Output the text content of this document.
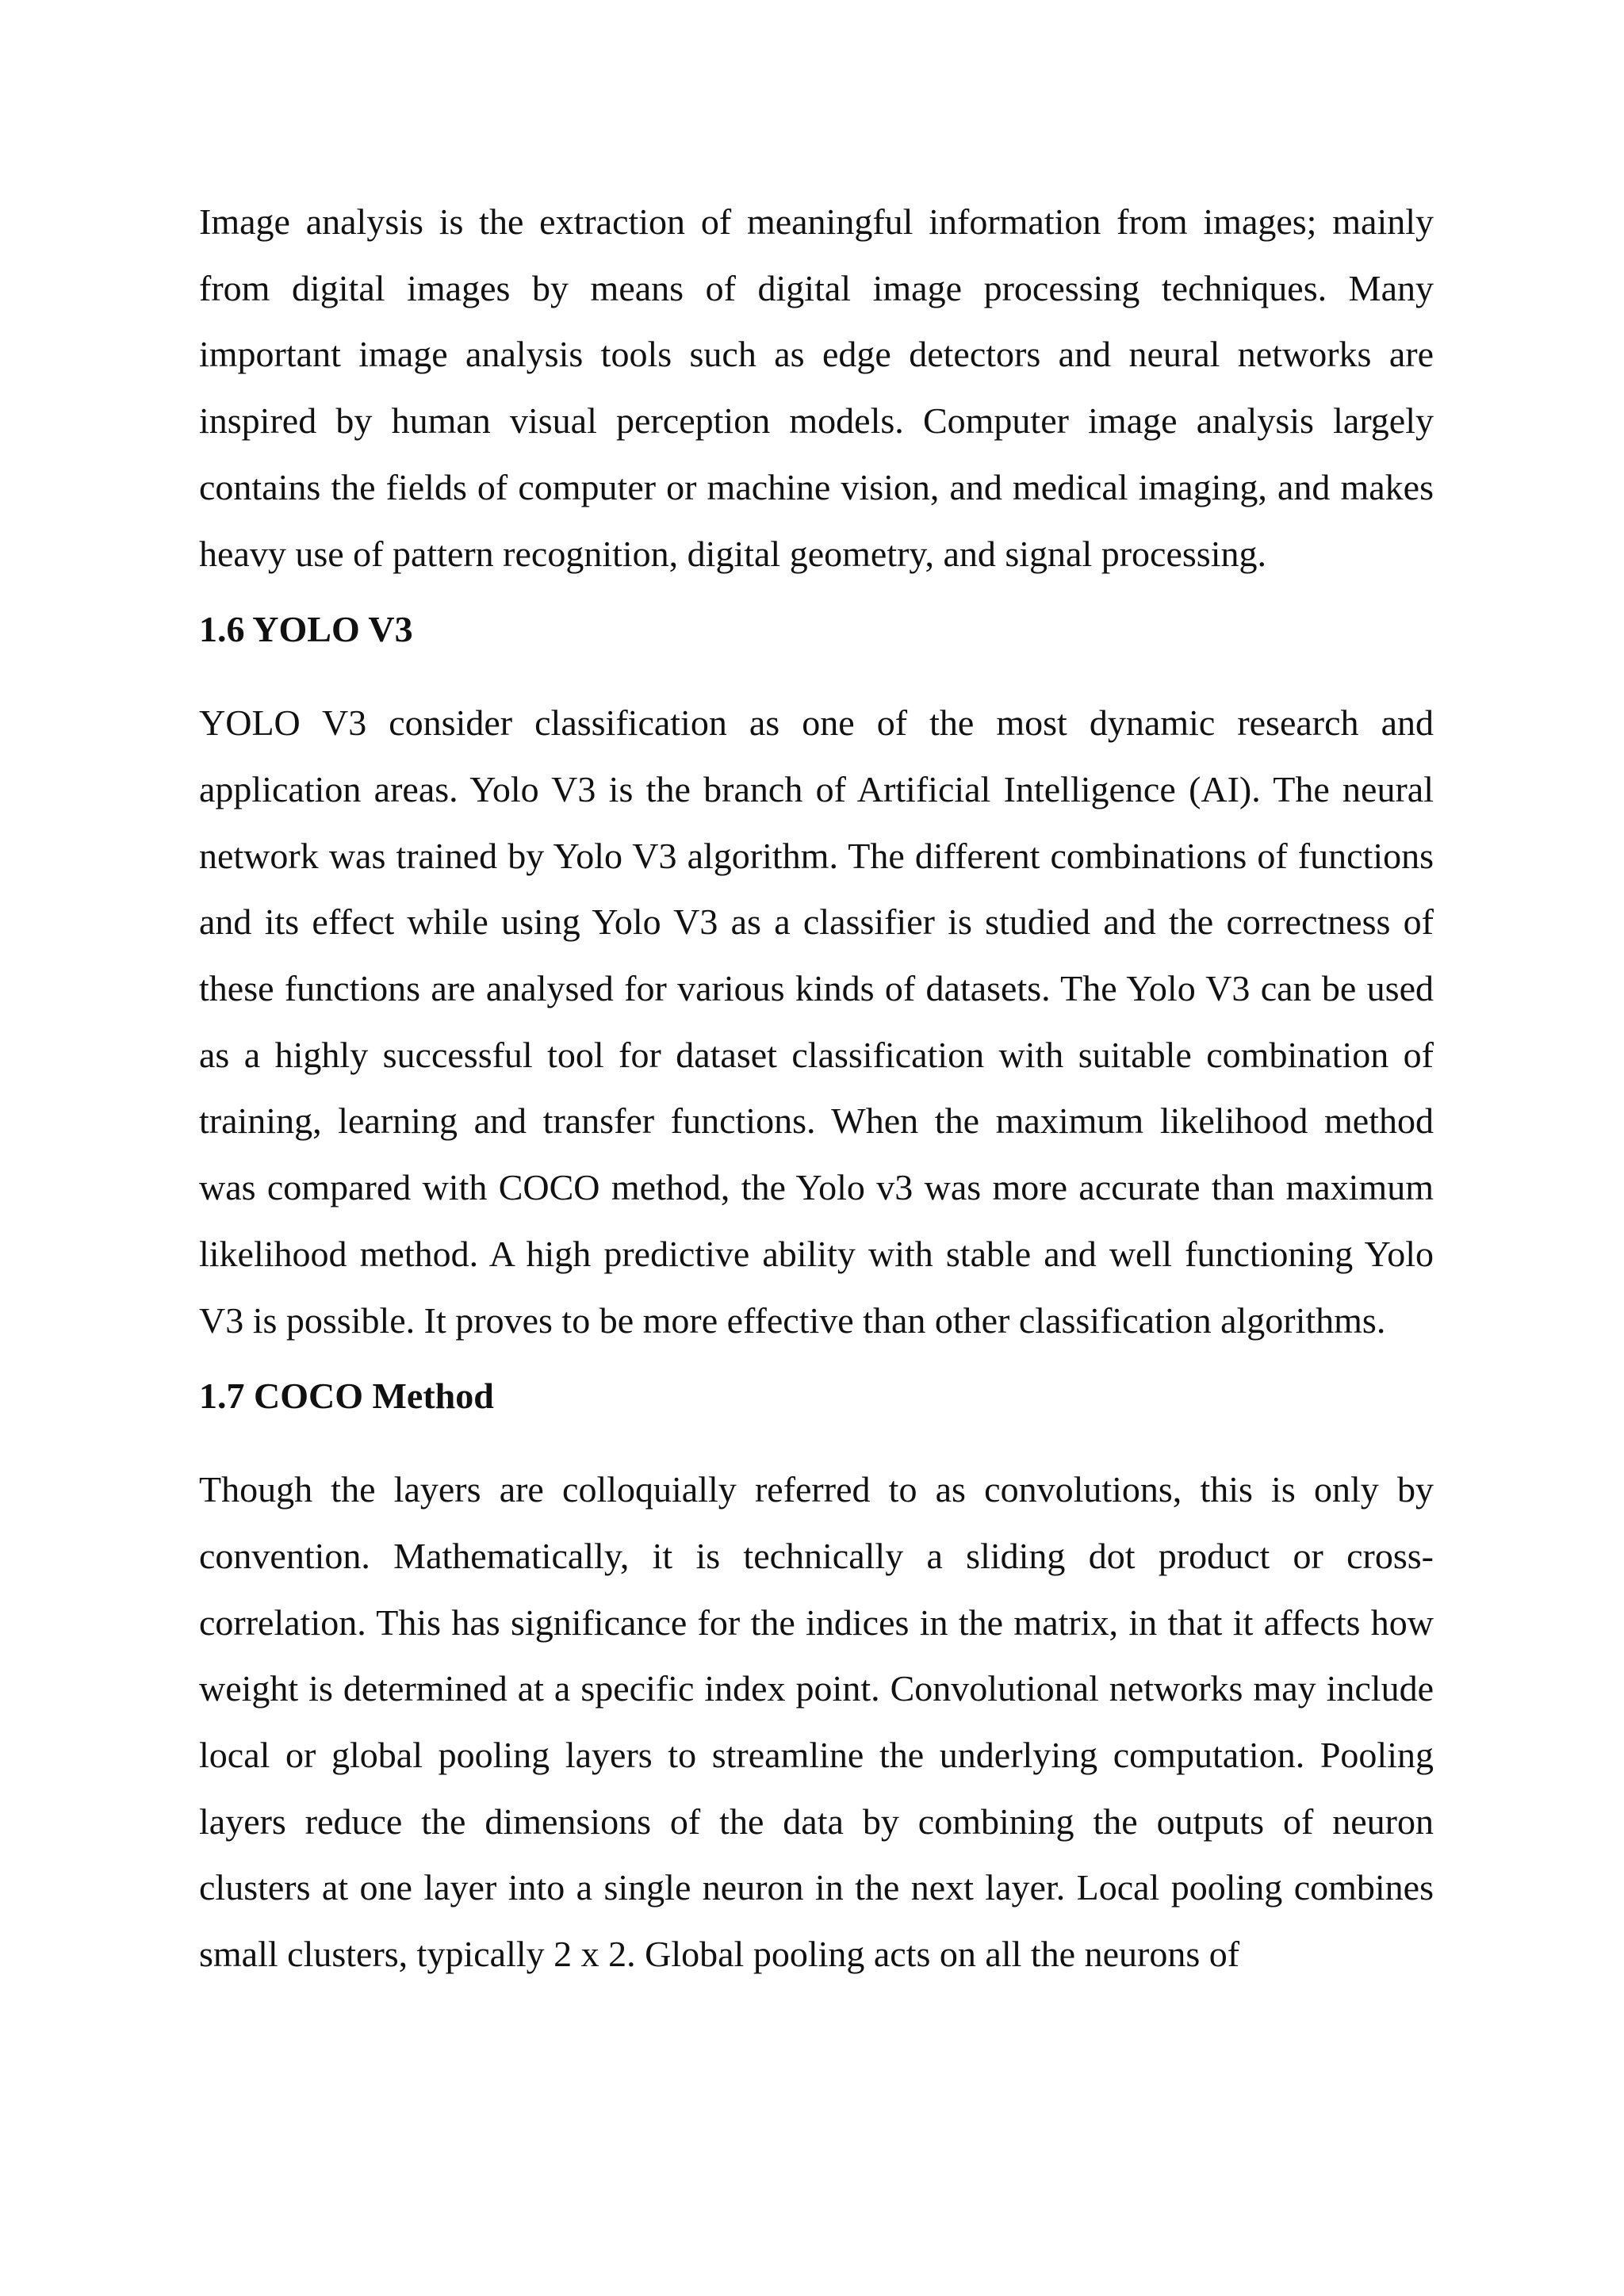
Image analysis is the extraction of meaningful information from images; mainly from digital images by means of digital image processing techniques. Many important image analysis tools such as edge detectors and neural networks are inspired by human visual perception models. Computer image analysis largely contains the fields of computer or machine vision, and medical imaging, and makes heavy use of pattern recognition, digital geometry, and signal processing.

1.6 YOLO V3

YOLO V3 consider classification as one of the most dynamic research and application areas. Yolo V3 is the branch of Artificial Intelligence (AI). The neural network was trained by Yolo V3 algorithm. The different combinations of functions and its effect while using Yolo V3 as a classifier is studied and the correctness of these functions are analysed for various kinds of datasets. The Yolo V3 can be used as a highly successful tool for dataset classification with suitable combination of training, learning and transfer functions. When the maximum likelihood method was compared with COCO method, the Yolo v3 was more accurate than maximum likelihood method. A high predictive ability with stable and well functioning Yolo V3 is possible. It proves to be more effective than other classification algorithms.

1.7 COCO Method

Though the layers are colloquially referred to as convolutions, this is only by convention. Mathematically, it is technically a sliding dot product or cross-correlation. This has significance for the indices in the matrix, in that it affects how weight is determined at a specific index point. Convolutional networks may include local or global pooling layers to streamline the underlying computation. Pooling layers reduce the dimensions of the data by combining the outputs of neuron clusters at one layer into a single neuron in the next layer. Local pooling combines small clusters, typically 2 x 2. Global pooling acts on all the neurons of
